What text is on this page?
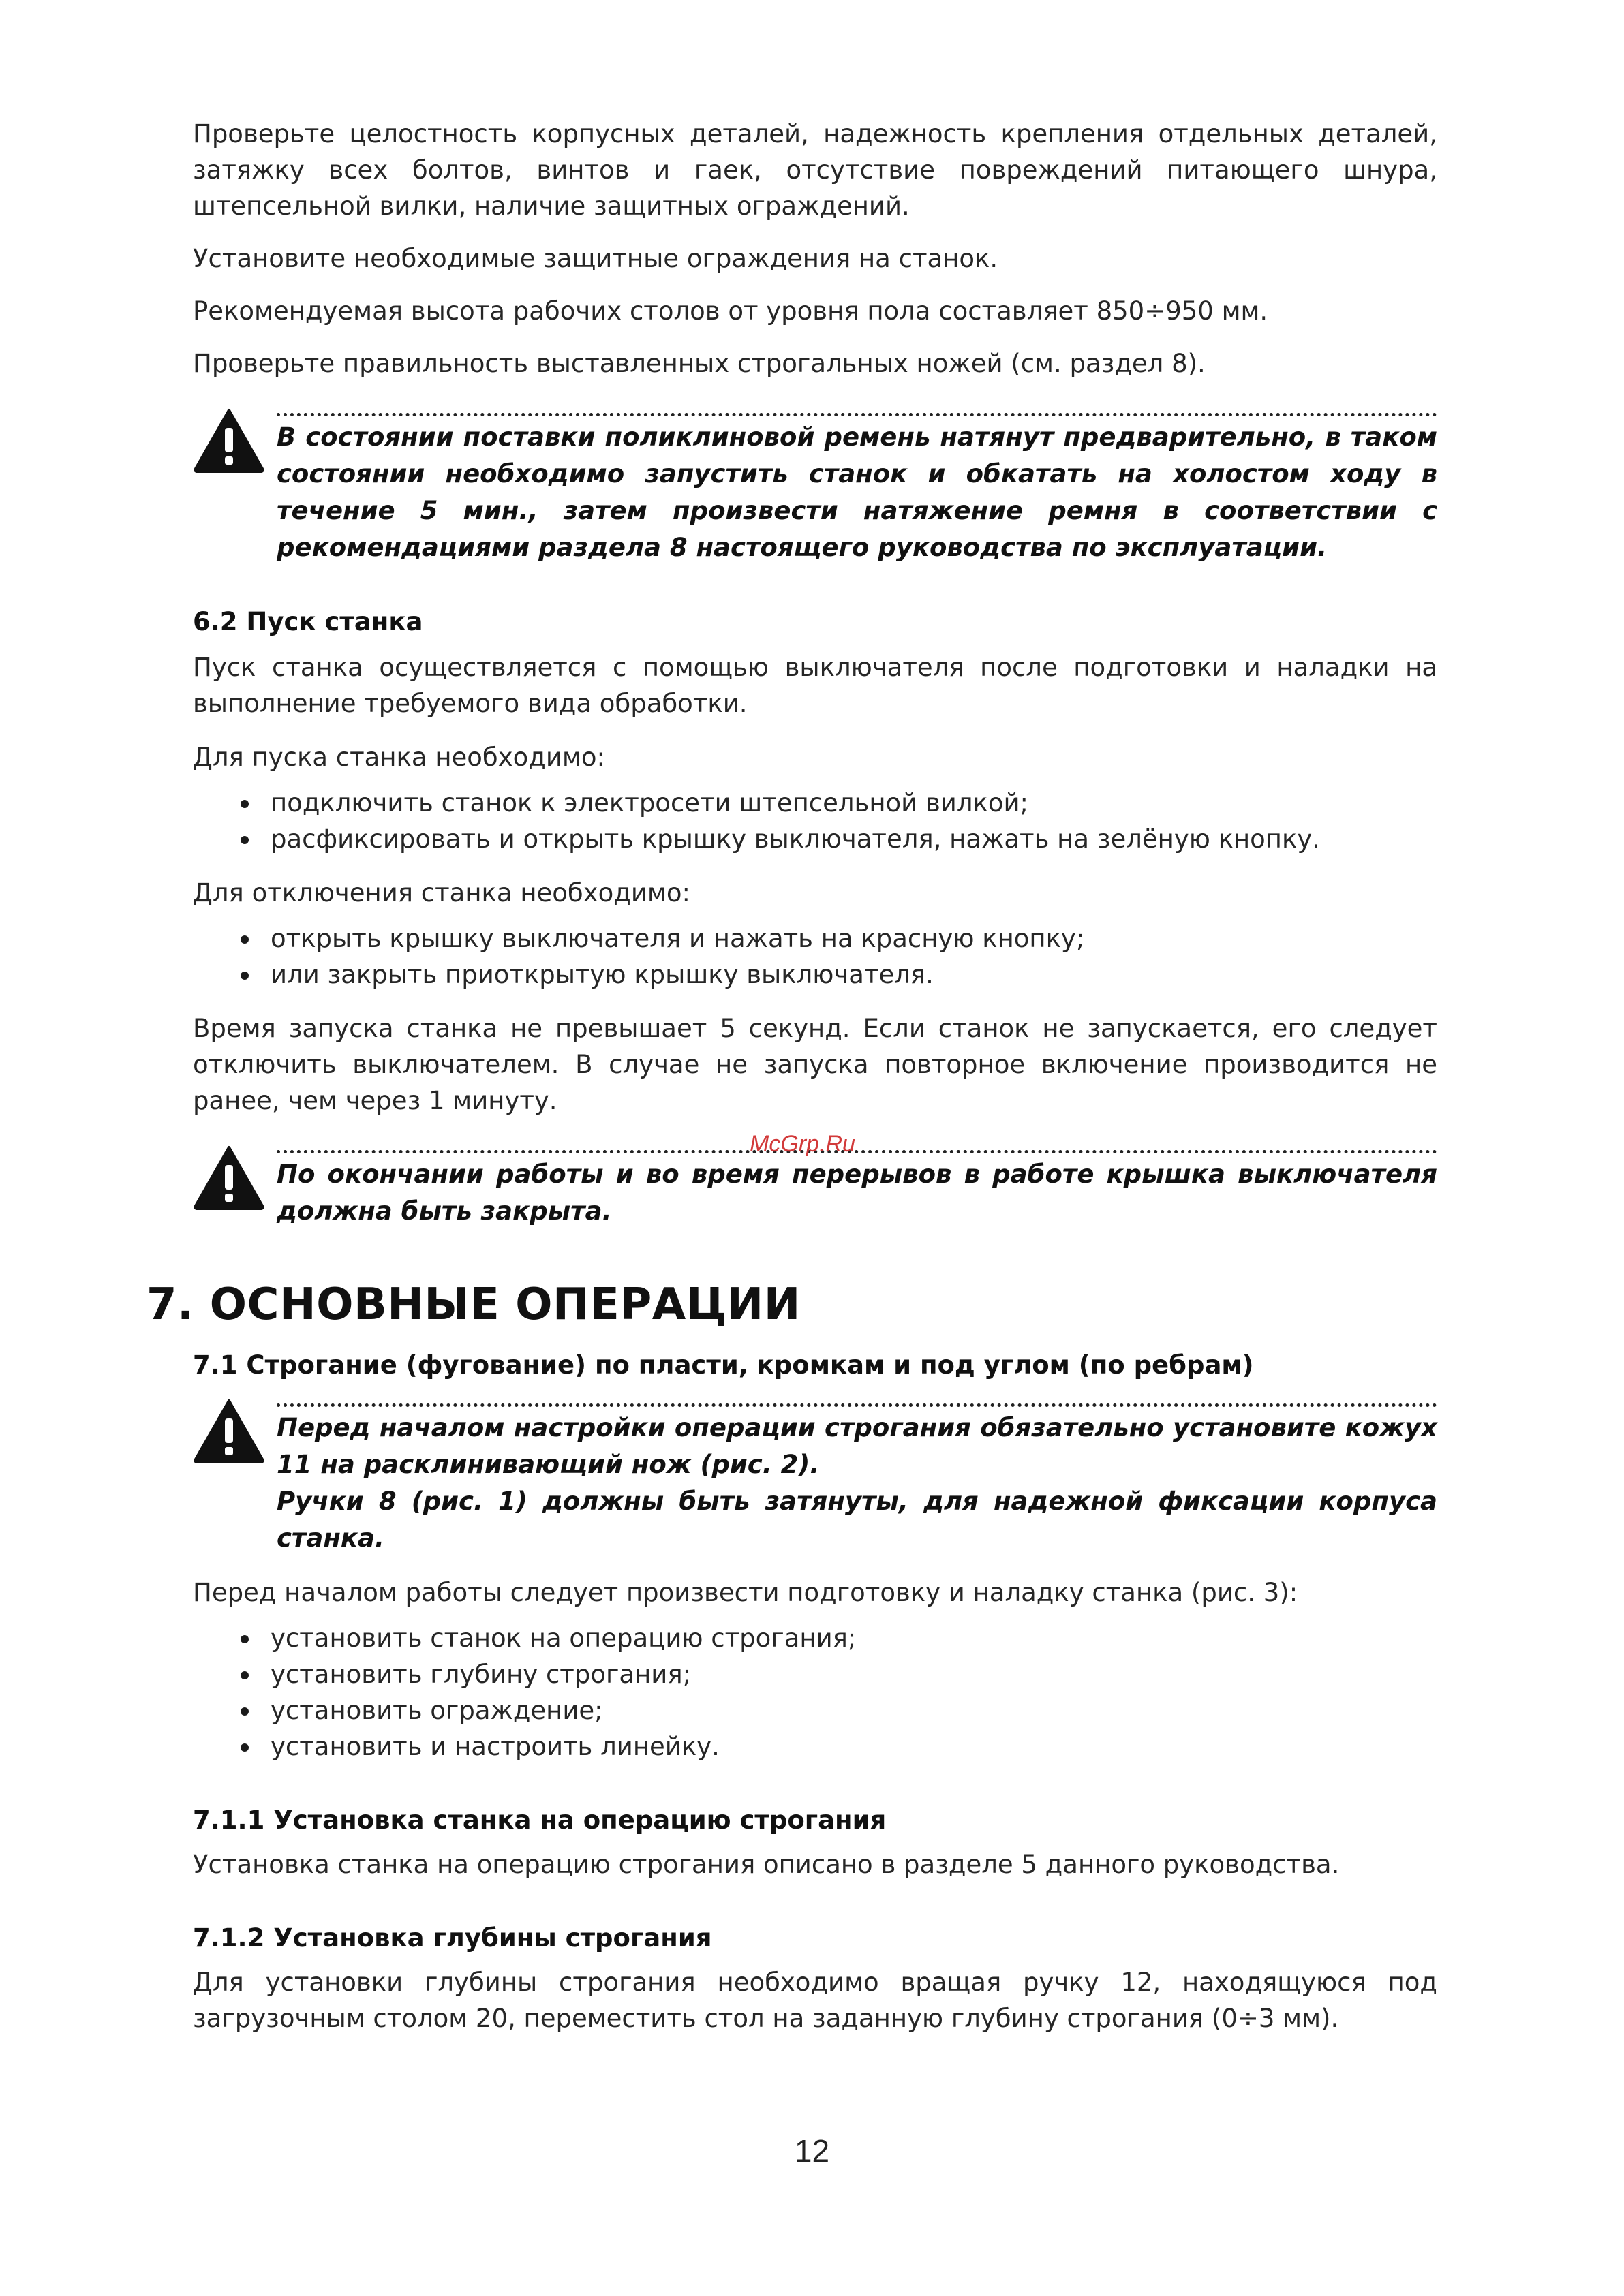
Проверьте целостность корпусных деталей, надежность крепления отдельных деталей, затяжку всех болтов, винтов и гаек, отсутствие повреждений питающего шнура, штепсельной вилки, наличие защитных ограждений.

Установите необходимые защитные ограждения на станок.

Рекомендуемая высота рабочих столов от уровня пола составляет 850÷950 мм.

Проверьте правильность выставленных строгальных ножей (см. раздел 8).

В состоянии поставки поликлиновой ремень натянут предварительно, в таком состоянии необходимо запустить станок и обкатать на холостом ходу в течение 5 мин., затем произвести натяжение ремня в соответствии с рекомендациями раздела 8 настоящего руководства по эксплуатации.
6.2 Пуск станка

Пуск станка осуществляется с помощью выключателя после подготовки и наладки на выполнение требуемого вида обработки.

Для пуска станка необходимо:

подключить станок к электросети штепсельной вилкой;
расфиксировать и открыть крышку выключателя, нажать на зелёную кнопку.

Для отключения станка необходимо:

открыть крышку выключателя и нажать на красную кнопку;
или закрыть приоткрытую крышку выключателя.

Время запуска станка не превышает 5 секунд. Если станок не запускается, его следует отключить выключателем. В случае не запуска повторное включение производится не ранее, чем через 1 минуту.

По окончании работы и во время перерывов в работе крышка выключателя должна быть закрыта.
7. ОСНОВНЫЕ ОПЕРАЦИИ
7.1 Строгание (фугование) по пласти, кромкам и под углом (по ребрам)
Перед началом настройки операции строгания обязательно установите кожух 11 на расклинивающий нож (рис. 2).
Ручки 8 (рис. 1) должны быть затянуты, для надежной фиксации корпуса станка.

Перед началом работы следует произвести подготовку и наладку станка (рис. 3):

установить станок на операцию строгания;
установить глубину строгания;
установить ограждение;
установить и настроить линейку.
7.1.1 Установка станка на операцию строгания

Установка станка на операцию строгания описано в разделе 5 данного руководства.

7.1.2 Установка глубины строгания

Для установки глубины строгания необходимо вращая ручку 12, находящуюся под загрузочным столом 20, переместить стол на заданную глубину строгания (0÷3 мм).

McGrp.Ru
12
